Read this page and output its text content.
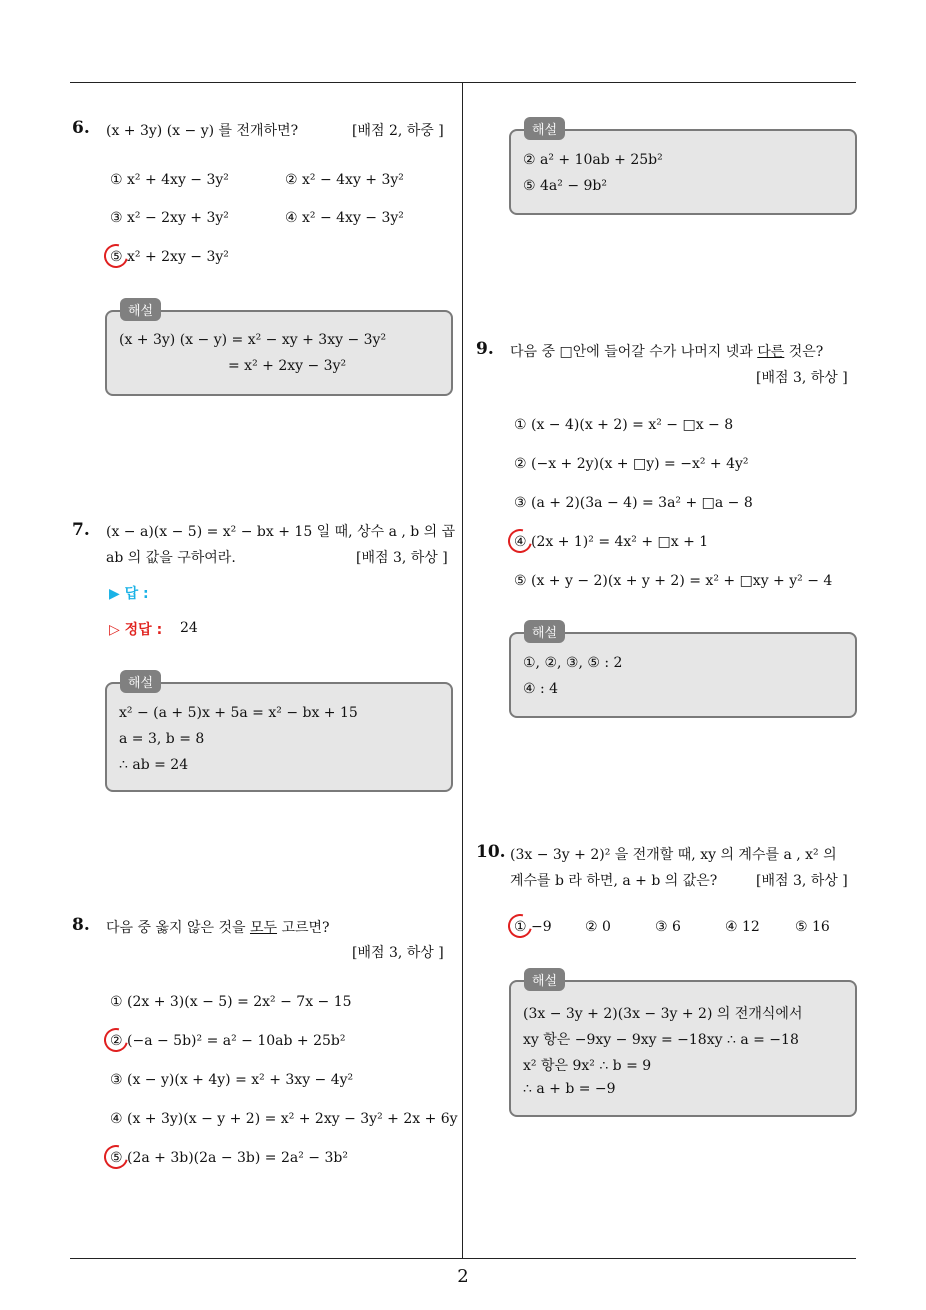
2
6. (x + 3y) (x − y) 를 전개하면?	[배점 2, 하중 ]
① x² + 4xy − 3y²	② x² − 4xy + 3y²
③ x² − 2xy + 3y²	④ x² − 4xy − 3y²
⑤ x² + 2xy − 3y²
해설
(x + 3y) (x − y) = x² − xy + 3xy − 3y²
= x² + 2xy − 3y²
7. (x − a)(x − 5) = x² − bx + 15 일 때, 상수 a , b 의 곱
ab 의 값을 구하여라.	[배점 3, 하상 ]
▶ 답 :
▷ 정답 : 24
해설
x² − (a + 5)x + 5a = x² − bx + 15
a = 3, b = 8
∴ ab = 24
8. 다음 중 옳지 않은 것을 모두 고르면?
[배점 3, 하상 ]
① (2x + 3)(x − 5) = 2x² − 7x − 15
② (−a − 5b)² = a² − 10ab + 25b²
③ (x − y)(x + 4y) = x² + 3xy − 4y²
④ (x + 3y)(x − y + 2) = x² + 2xy − 3y² + 2x + 6y
⑤ (2a + 3b)(2a − 3b) = 2a² − 3b²
해설
② a² + 10ab + 25b²
⑤ 4a² − 9b²
9. 다음 중 □안에 들어갈 수가 나머지 넷과 다른 것은?
[배점 3, 하상 ]
① (x − 4)(x + 2) = x² − □x − 8
② (−x + 2y)(x + □y) = −x² + 4y²
③ (a + 2)(3a − 4) = 3a² + □a − 8
④ (2x + 1)² = 4x² + □x + 1
⑤ (x + y − 2)(x + y + 2) = x² + □xy + y² − 4
해설
①, ②, ③, ⑤ : 2
④ : 4
10. (3x − 3y + 2)² 을 전개할 때, xy 의 계수를 a , x² 의
계수를 b 라 하면, a + b 의 값은?	[배점 3, 하상 ]
① −9 ② 0	③ 6	④ 12	⑤ 16
해설
(3x − 3y + 2)(3x − 3y + 2) 의 전개식에서
xy 항은 −9xy − 9xy = −18xy ∴ a = −18
x² 항은 9x² ∴ b = 9
∴ a + b = −9
